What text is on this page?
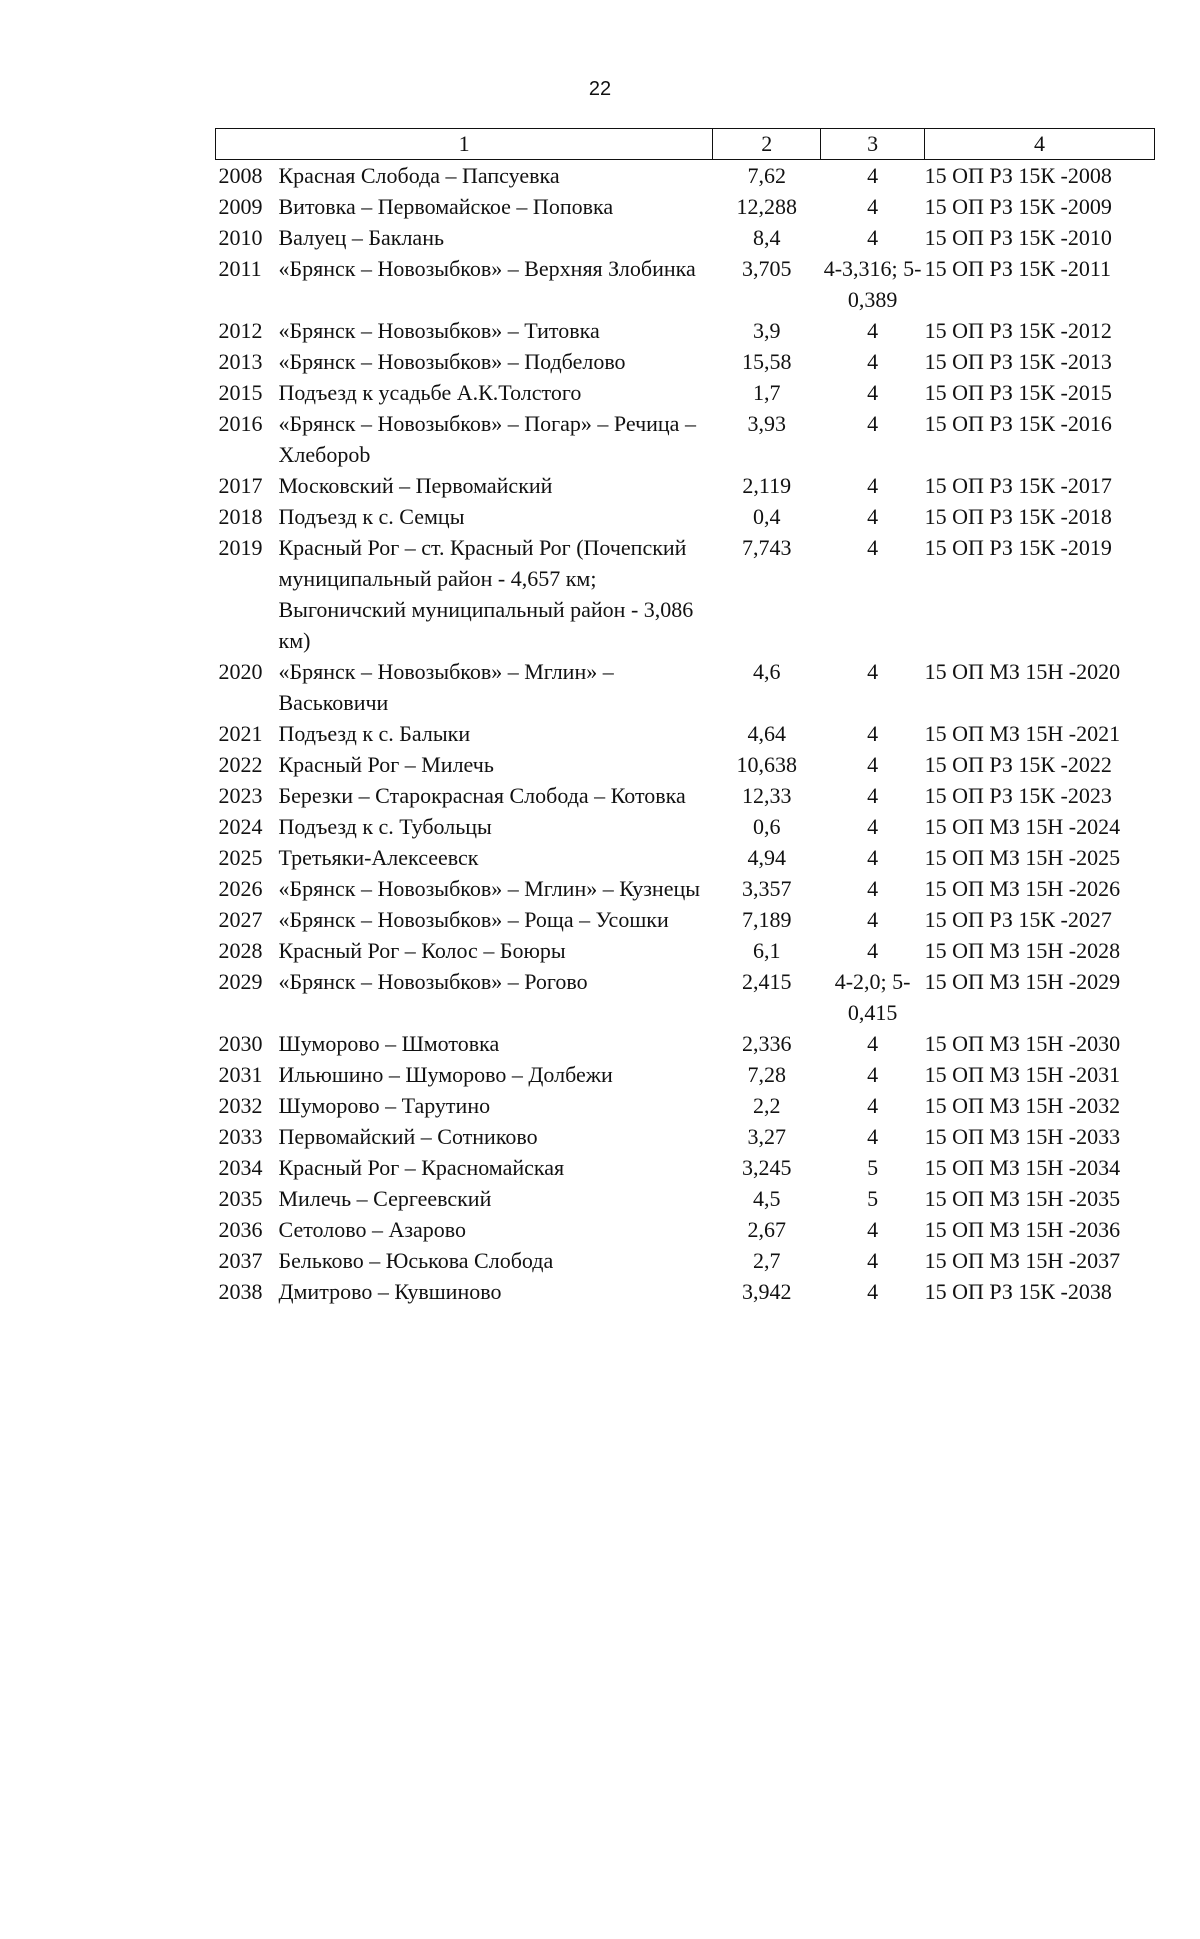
22
1	2	3	4

2008 Красная Слобода – Папсуевка	7,62	4	15 ОП РЗ 15К -2008

2009 Витовка – Первомайское – Поповка	12,288	4	15 ОП РЗ 15К -2009

2010 Валуец – Баклань	8,4	4	15 ОП РЗ 15К -2010

2011 «Брянск – Новозыбков» – Верхняя Злобинка	3,705	4-3,316; 5-0,389	15 ОП РЗ 15К -2011

2012 «Брянск – Новозыбков» – Титовка	3,9	4	15 ОП РЗ 15К -2012

2013 «Брянск – Новозыбков» – Подбелово	15,58	4	15 ОП РЗ 15К -2013

2015 Подъезд к усадьбе А.К.Толстого	1,7	4	15 ОП РЗ 15К -2015

2016 «Брянск – Новозыбков» – Погар» – Речица – Хлеборob	3,93	4	15 ОП РЗ 15К -2016

2017 Московский – Первомайский	2,119	4	15 ОП РЗ 15К -2017

2018 Подъезд к с. Семцы	0,4	4	15 ОП РЗ 15К -2018

2019 Красный Рог – ст. Красный Рог (Почепский муниципальный район - 4,657 км; Выгоничский муниципальный район - 3,086 км)	7,743	4	15 ОП РЗ 15К -2019

2020 «Брянск – Новозыбков» – Мглин» – Васьковичи	4,6	4	15 ОП МЗ 15Н -2020

2021 Подъезд к с. Балыки	4,64	4	15 ОП МЗ 15Н -2021

2022 Красный Рог – Милечь	10,638	4	15 ОП РЗ 15К -2022

2023 Березки – Старокрасная Слобода – Котовка	12,33	4	15 ОП РЗ 15К -2023

2024 Подъезд к с. Тубольцы	0,6	4	15 ОП МЗ 15Н -2024

2025 Третьяки-Алексеевск	4,94	4	15 ОП МЗ 15Н -2025

2026 «Брянск – Новозыбков» – Мглин» – Кузнецы	3,357	4	15 ОП МЗ 15Н -2026

2027 «Брянск – Новозыбков» – Роща – Усошки	7,189	4	15 ОП РЗ 15К -2027

2028 Красный Рог – Колос – Боюры	6,1	4	15 ОП МЗ 15Н -2028

2029 «Брянск – Новозыбков» – Рогово	2,415	4-2,0; 5-0,415	15 ОП МЗ 15Н -2029

2030 Шуморово – Шмотовка	2,336	4	15 ОП МЗ 15Н -2030

2031 Ильюшино – Шуморово – Долбежи	7,28	4	15 ОП МЗ 15Н -2031

2032 Шуморово – Тарутино	2,2	4	15 ОП МЗ 15Н -2032

2033 Первомайский – Сотниково	3,27	4	15 ОП МЗ 15Н -2033

2034 Красный Рог – Красномайская	3,245	5	15 ОП МЗ 15Н -2034

2035 Милечь – Сергеевский	4,5	5	15 ОП МЗ 15Н -2035

2036 Сетолово – Азарово	2,67	4	15 ОП МЗ 15Н -2036

2037 Бельково – Юськова Слобода	2,7	4	15 ОП МЗ 15Н -2037

2038 Дмитрово – Кувшиново	3,942	4	15 ОП РЗ 15К -2038
